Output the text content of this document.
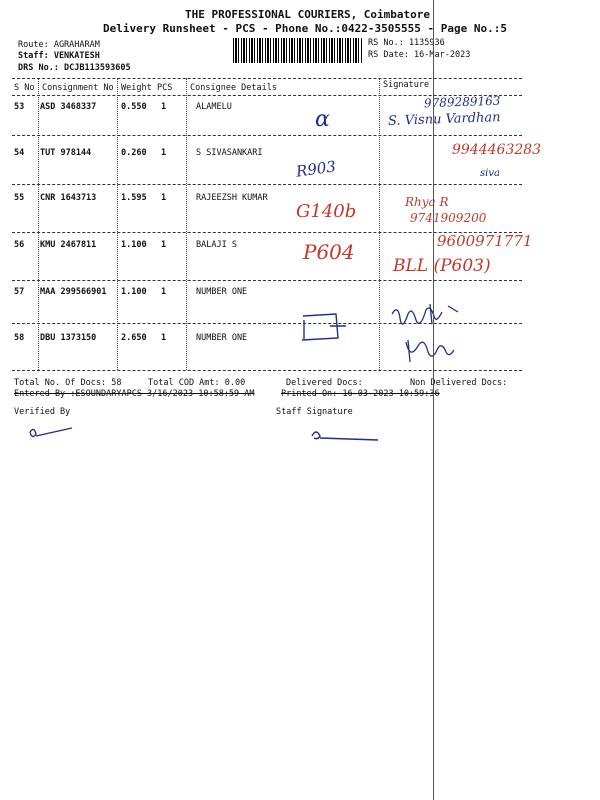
THE PROFESSIONAL COURIERS, Coimbatore
Delivery Runsheet - PCS - Phone No.:0422-3505555 - Page No.:5
Route: AGRAHARAM
Staff: VENKATESH
DRS No.: DCJB113593605
RS No.: 1135936
RS Date: 16-Mar-2023
S No Consignment No Weight PCS Consignee Details	Signature
53 ASD 3468337	0.550 1	ALAMELU	α
9789289163
S. Visnu Vardhan
54 TUT 978144	0.260 1	S SIVASANKARI
R903
9944463283
siva
55 CNR 1643713	1.595 1	RAJEEZSH KUMAR
G140b	Rhya R
9741909200
56 KMU 2467811	1.100 1	BALAJI S	P604	9600971771
BLL (P603)
57 MAA 299566901 1.100 1	NUMBER ONE
58 DBU 1373150	2.650 1	NUMBER ONE
Total No. Of Docs: 58	Total COD Amt: 0.00	Delivered Docs:	Non Delivered Docs:
Entered By :ESOUNDARYAPCS 3/16/2023 10:58:59 AM	Printed On: 16-03-2023 10:59:36
Verified By	Staff Signature
